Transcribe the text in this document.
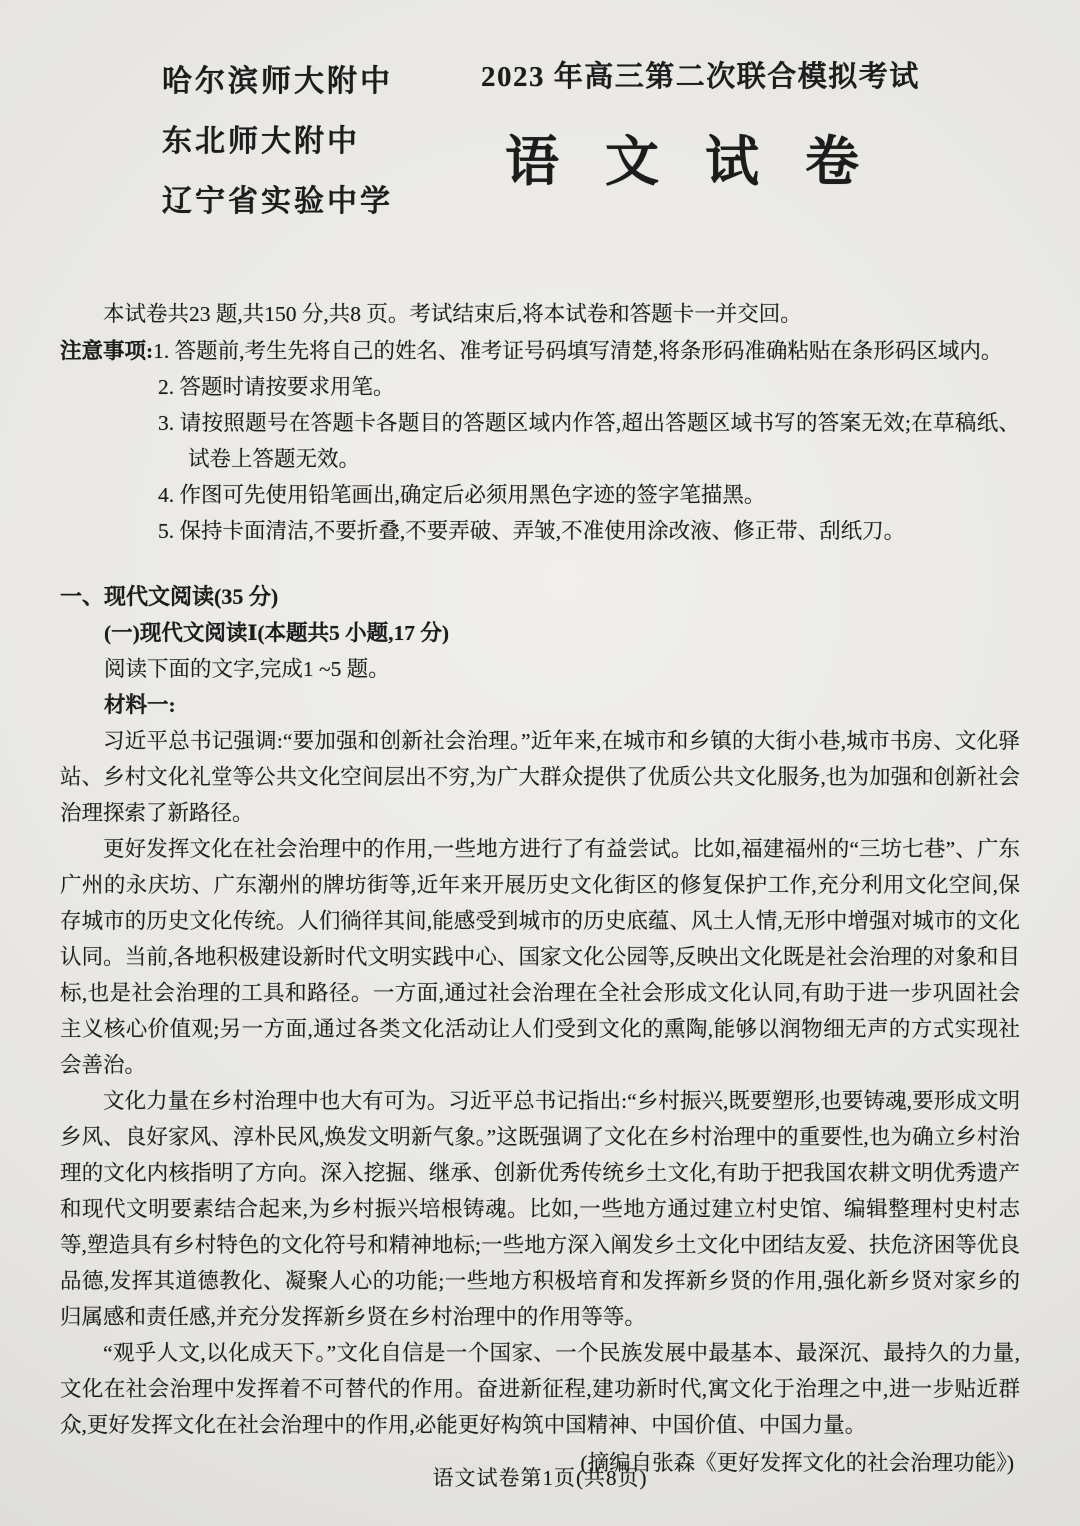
哈尔滨师大附中
东北师大附中
辽宁省实验中学
2023 年高三第二次联合模拟考试
语文试卷

本试卷共23 题,共150 分,共8 页。考试结束后,将本试卷和答题卡一并交回。

注意事项:1. 答题前,考生先将自己的姓名、准考证号码填写清楚,将条形码准确粘贴在条形码区域内。
2. 答题时请按要求用笔。
3. 请按照题号在答题卡各题目的答题区域内作答,超出答题区域书写的答案无效;在草稿纸、试卷上答题无效。
4. 作图可先使用铅笔画出,确定后必须用黑色字迹的签字笔描黑。
5. 保持卡面清洁,不要折叠,不要弄破、弄皱,不准使用涂改液、修正带、刮纸刀。
一、现代文阅读(35 分)
(一)现代文阅读Ⅰ(本题共5 小题,17 分)

阅读下面的文字,完成1 ~5 题。

材料一:

习近平总书记强调:“要加强和创新社会治理。”近年来,在城市和乡镇的大街小巷,城市书房、文化驿站、乡村文化礼堂等公共文化空间层出不穷,为广大群众提供了优质公共文化服务,也为加强和创新社会治理探索了新路径。

更好发挥文化在社会治理中的作用,一些地方进行了有益尝试。比如,福建福州的“三坊七巷”、广东广州的永庆坊、广东潮州的牌坊街等,近年来开展历史文化街区的修复保护工作,充分利用文化空间,保存城市的历史文化传统。人们徜徉其间,能感受到城市的历史底蕴、风土人情,无形中增强对城市的文化认同。当前,各地积极建设新时代文明实践中心、国家文化公园等,反映出文化既是社会治理的对象和目标,也是社会治理的工具和路径。一方面,通过社会治理在全社会形成文化认同,有助于进一步巩固社会主义核心价值观;另一方面,通过各类文化活动让人们受到文化的熏陶,能够以润物细无声的方式实现社会善治。

文化力量在乡村治理中也大有可为。习近平总书记指出:“乡村振兴,既要塑形,也要铸魂,要形成文明乡风、良好家风、淳朴民风,焕发文明新气象。”这既强调了文化在乡村治理中的重要性,也为确立乡村治理的文化内核指明了方向。深入挖掘、继承、创新优秀传统乡土文化,有助于把我国农耕文明优秀遗产和现代文明要素结合起来,为乡村振兴培根铸魂。比如,一些地方通过建立村史馆、编辑整理村史村志等,塑造具有乡村特色的文化符号和精神地标;一些地方深入阐发乡土文化中团结友爱、扶危济困等优良品德,发挥其道德教化、凝聚人心的功能;一些地方积极培育和发挥新乡贤的作用,强化新乡贤对家乡的归属感和责任感,并充分发挥新乡贤在乡村治理中的作用等等。

“观乎人文,以化成天下。”文化自信是一个国家、一个民族发展中最基本、最深沉、最持久的力量,文化在社会治理中发挥着不可替代的作用。奋进新征程,建功新时代,寓文化于治理之中,进一步贴近群众,更好发挥文化在社会治理中的作用,必能更好构筑中国精神、中国价值、中国力量。

(摘编自张森《更好发挥文化的社会治理功能》)

语文试卷第1页(共8页)
